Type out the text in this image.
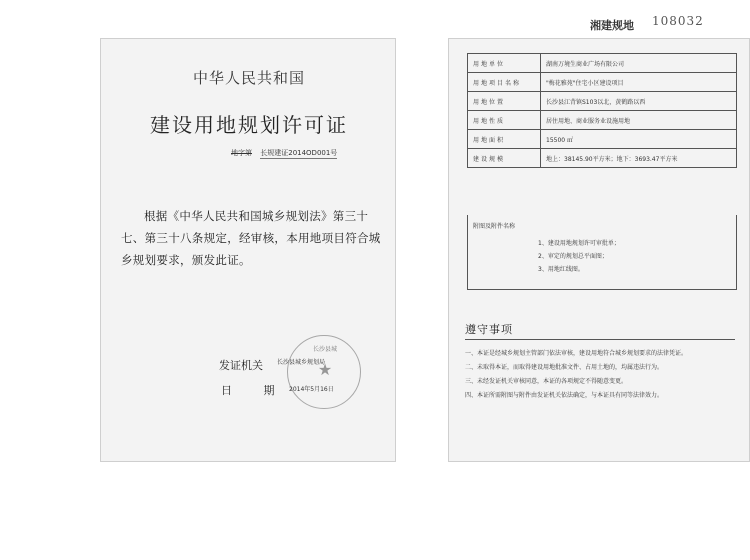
湘建规地 108032
中华人民共和国
建设用地规划许可证
地字第 长规建证2014OD001号
根据《中华人民共和国城乡规划法》第三十七、第三十八条规定，经审核，本用地项目符合城乡规划要求，颁发此证。
发证机关
日 期
长沙县城
★
长沙县城乡规划局
2014年5月16日
用地单位	湖南万境生商业广场有限公司
用地项目名称	"梅花雅苑"住宅小区建设项目
用地位置	长沙县江背镇S103以北，黄鹤路以西
用地性质	居住用地、商业服务业设施用地
用地面积	15500 ㎡
建设规模	地上：38145.90平方米；地下：3693.47平方米
附图及附件名称
1、建设用地规划许可审批单；
2、审定的规划总平面图；
3、用地红线图。
遵守事项
一、本证是经城乡规划主管部门依法审核，建设用地符合城乡规划要求的法律凭证。
二、未取得本证，而取得建设用地批准文件、占用土地的，均属违法行为。
三、未经发证机关审核同意，本证的各项规定不得随意变更。
四、本证所需附图与附件由发证机关依法确定，与本证具有同等法律效力。
